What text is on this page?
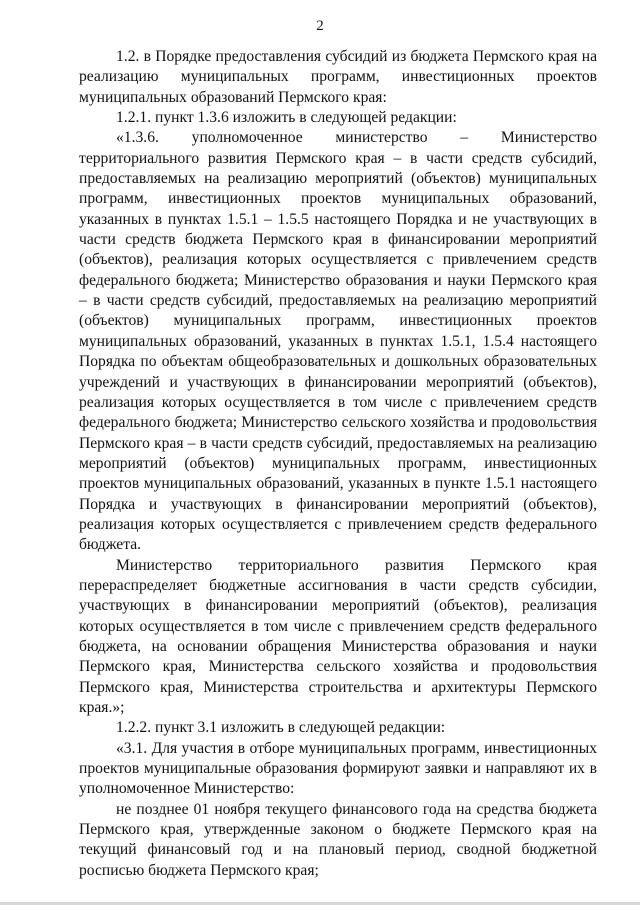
2

1.2. в Порядке предоставления субсидий из бюджета Пермского края на реализацию муниципальных программ, инвестиционных проектов муниципальных образований Пермского края:

1.2.1. пункт 1.3.6 изложить в следующей редакции:

«1.3.6. уполномоченное министерство – Министерство территориального развития Пермского края – в части средств субсидий, предоставляемых на реализацию мероприятий (объектов) муниципальных программ, инвестиционных проектов муниципальных образований, указанных в пунктах 1.5.1 – 1.5.5 настоящего Порядка и не участвующих в части средств бюджета Пермского края в финансировании мероприятий (объектов), реализация которых осуществляется с привлечением средств федерального бюджета; Министерство образования и науки Пермского края – в части средств субсидий, предоставляемых на реализацию мероприятий (объектов) муниципальных программ, инвестиционных проектов муниципальных образований, указанных в пунктах 1.5.1, 1.5.4 настоящего Порядка по объектам общеобразовательных и дошкольных образовательных учреждений и участвующих в финансировании мероприятий (объектов), реализация которых осуществляется в том числе с привлечением средств федерального бюджета; Министерство сельского хозяйства и продовольствия Пермского края – в части средств субсидий, предоставляемых на реализацию мероприятий (объектов) муниципальных программ, инвестиционных проектов муниципальных образований, указанных в пункте 1.5.1 настоящего Порядка и участвующих в финансировании мероприятий (объектов), реализация которых осуществляется с привлечением средств федерального бюджета.

Министерство территориального развития Пермского края перераспределяет бюджетные ассигнования в части средств субсидии, участвующих в финансировании мероприятий (объектов), реализация которых осуществляется в том числе с привлечением средств федерального бюджета, на основании обращения Министерства образования и науки Пермского края, Министерства сельского хозяйства и продовольствия Пермского края, Министерства строительства и архитектуры Пермского края.»;

1.2.2. пункт 3.1 изложить в следующей редакции:

«3.1. Для участия в отборе муниципальных программ, инвестиционных проектов муниципальные образования формируют заявки и направляют их в уполномоченное Министерство:

не позднее 01 ноября текущего финансового года на средства бюджета Пермского края, утвержденные законом о бюджете Пермского края на текущий финансовый год и на плановый период, сводной бюджетной росписью бюджета Пермского края;
